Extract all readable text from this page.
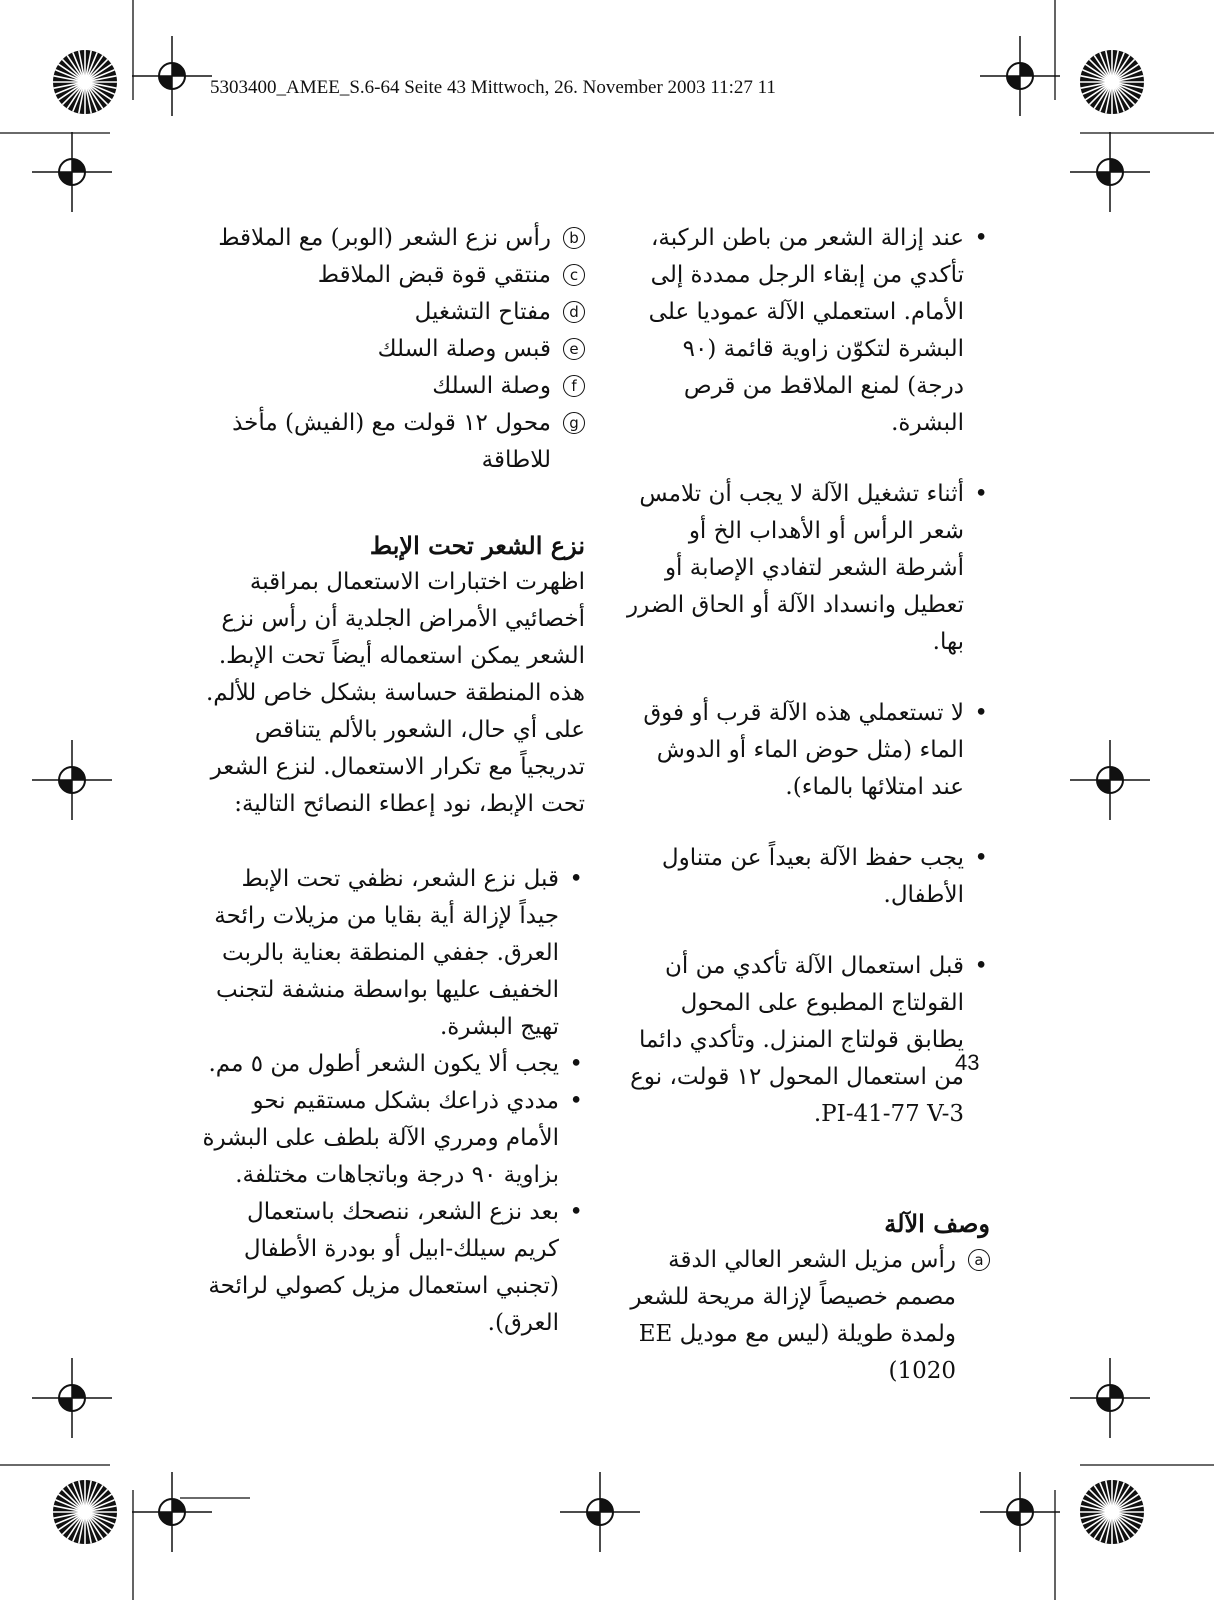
5303400_AMEE_S.6-64 Seite 43 Mittwoch, 26. November 2003 11:27 11

• عند إزالة الشعر من باطن الركبة، تأكدي من إبقاء الرجل ممددة إلى الأمام. استعملي الآلة عموديا على البشرة لتكوّن زاوية قائمة (٩٠ درجة) لمنع الملاقط من قرص البشرة.

• أثناء تشغيل الآلة لا يجب أن تلامس شعر الرأس أو الأهداب الخ أو أشرطة الشعر لتفادي الإصابة أو تعطيل وانسداد الآلة أو الحاق الضرر بها.

• لا تستعملي هذه الآلة قرب أو فوق الماء (مثل حوض الماء أو الدوش عند امتلائها بالماء).

• يجب حفظ الآلة بعيداً عن متناول الأطفال.

• قبل استعمال الآلة تأكدي من أن القولتاج المطبوع على المحول يطابق قولتاج المنزل. وتأكدي دائما من استعمال المحول ١٢ قولت، نوع PI-41-77 V-3.

وصف الآلة

a
رأس مزيل الشعر العالي الدقة مصمم خصيصاً لإزالة مريحة للشعر ولمدة طويلة (ليس مع موديل EE 1020)

b
رأس نزع الشعر (الوبر) مع الملاقط

c
منتقي قوة قبض الملاقط

d
مفتاح التشغيل

e
قبس وصلة السلك

f
وصلة السلك

g
محول ١٢ قولت مع (الفيش) مأخذ للاطاقة

نزع الشعر تحت الإبط

اظهرت اختبارات الاستعمال بمراقبة أخصائيي الأمراض الجلدية أن رأس نزع الشعر يمكن استعماله أيضاً تحت الإبط. هذه المنطقة حساسة بشكل خاص للألم. على أي حال، الشعور بالألم يتناقص تدريجياً مع تكرار الاستعمال. لنزع الشعر تحت الإبط، نود إعطاء النصائح التالية:

• قبل نزع الشعر، نظفي تحت الإبط جيداً لإزالة أية بقايا من مزيلات رائحة العرق. جففي المنطقة بعناية بالربت الخفيف عليها بواسطة منشفة لتجنب تهيج البشرة.

• يجب ألا يكون الشعر أطول من ٥ مم.

• مددي ذراعك بشكل مستقيم نحو الأمام ومرري الآلة بلطف على البشرة بزاوية ٩٠ درجة وباتجاهات مختلفة.

• بعد نزع الشعر، ننصحك باستعمال كريم سيلك-ابيل أو بودرة الأطفال (تجنبي استعمال مزيل كصولي لرائحة العرق).

43
